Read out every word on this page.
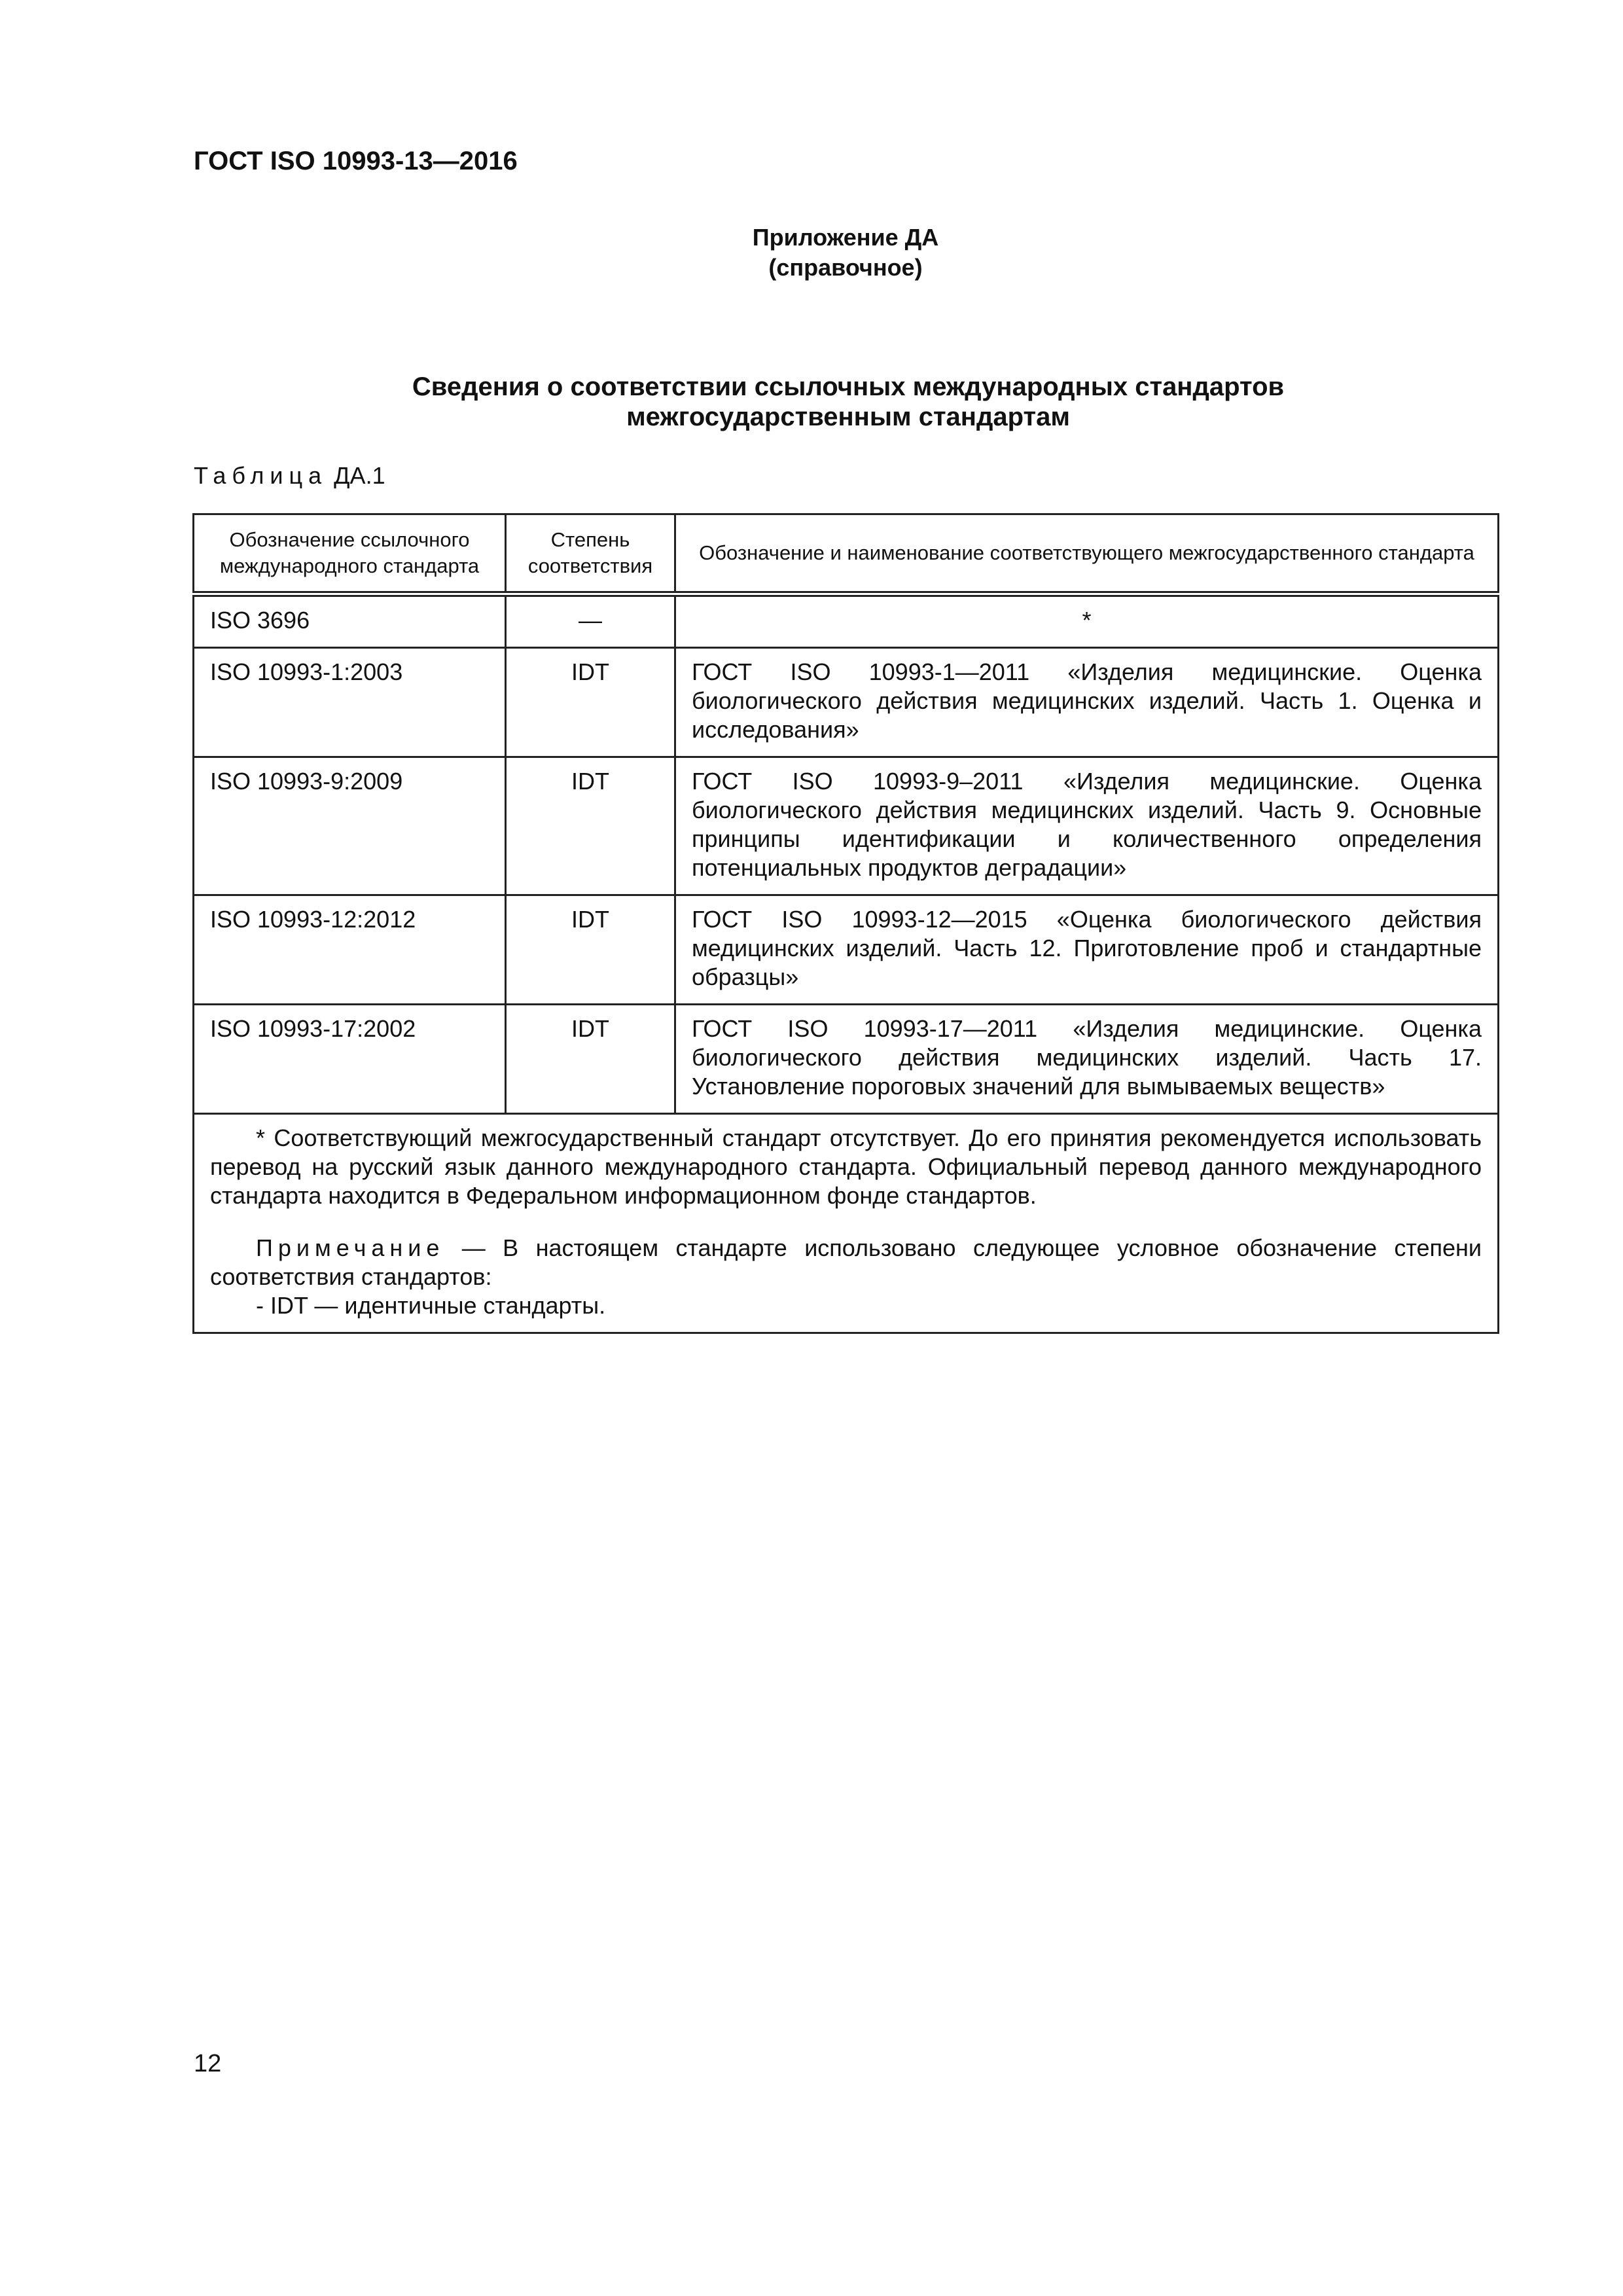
ГОСТ ISO 10993-13—2016
Приложение ДА
(справочное)
Сведения о соответствии ссылочных международных стандартов
межгосударственным стандартам

Таблица ДА.1

Обозначение ссылочного международного стандарта	Степень соответствия	Обозначение и наименование соответствующего межгосударственного стандарта
ISO 3696	—	*
ISO 10993-1:2003	IDT	ГОСТ ISO 10993-1—2011 «Изделия медицинские. Оценка биологического действия медицинских изделий. Часть 1. Оценка и исследования»
ISO 10993-9:2009	IDT	ГОСТ ISO 10993-9–2011 «Изделия медицинские. Оценка биологического действия медицинских изделий. Часть 9. Основные принципы идентификации и количественного определения потенциальных продуктов деградации»
ISO 10993-12:2012	IDT	ГОСТ ISO 10993-12—2015 «Оценка биологического действия медицинских изделий. Часть 12. Приготовление проб и стандартные образцы»
ISO 10993-17:2002	IDT	ГОСТ ISO 10993-17—2011 «Изделия медицинские. Оценка биологического действия медицинских изделий. Часть 17. Установление пороговых значений для вымываемых веществ»

* Соответствующий межгосударственный стандарт отсутствует. До его принятия рекомендуется использовать перевод на русский язык данного международного стандарта. Официальный перевод данного международного стандарта находится в Федеральном информационном фонде стандартов.

Примечание — В настоящем стандарте использовано следующее условное обозначение степени соответствия стандартов:

- IDT — идентичные стандарты.		

12
